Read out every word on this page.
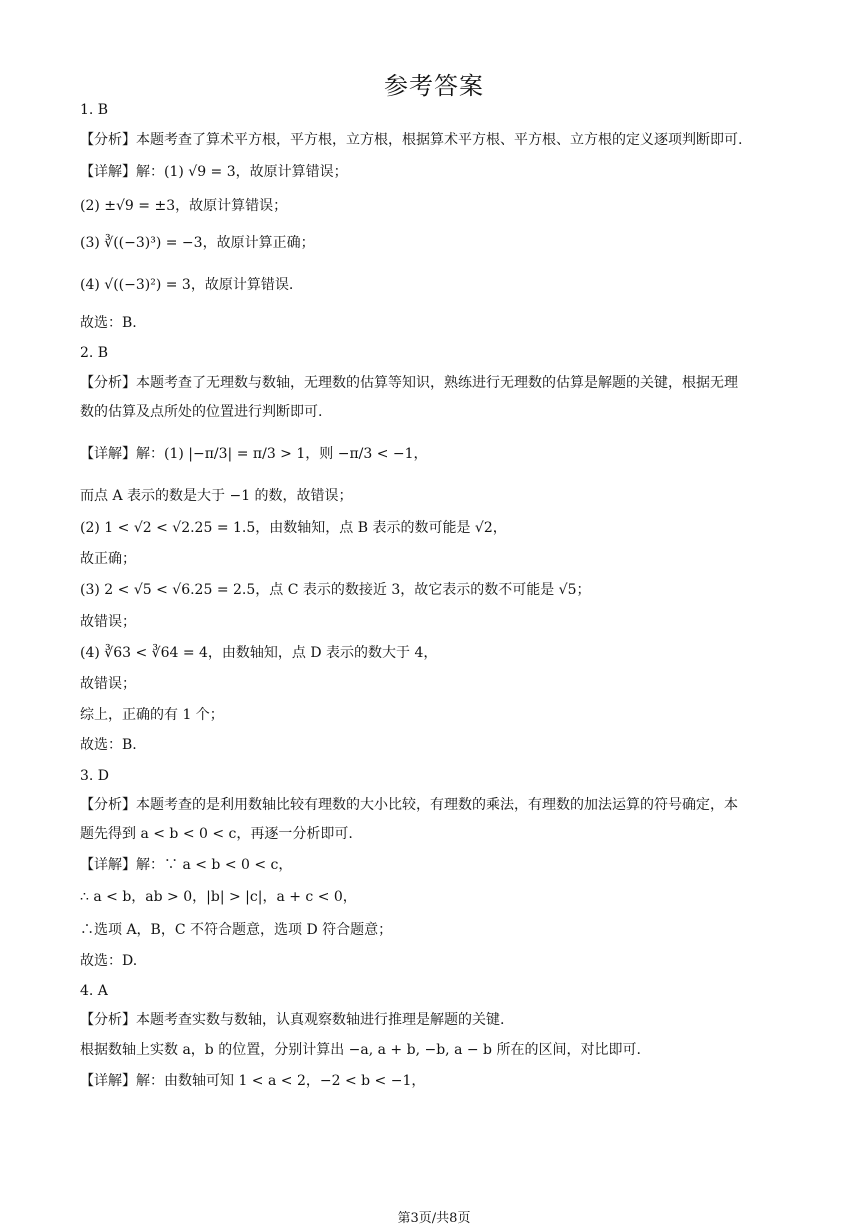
参考答案
1. B
【分析】本题考查了算术平方根，平方根，立方根，根据算术平方根、平方根、立方根的定义逐项判断即可.
【详解】解：(1) √9 = 3，故原计算错误；
(2) ±√9 = ±3，故原计算错误；
(3) ∛((−3)³) = −3，故原计算正确；
(4) √((−3)²) = 3，故原计算错误.
故选：B.
2. B
【分析】本题考查了无理数与数轴，无理数的估算等知识，熟练进行无理数的估算是解题的关键，根据无理
数的估算及点所处的位置进行判断即可.
【详解】解：(1) |−π/3| = π/3 > 1，则 −π/3 < −1，
而点 A 表示的数是大于 −1 的数，故错误；
(2) 1 < √2 < √2.25 = 1.5，由数轴知，点 B 表示的数可能是 √2，
故正确；
(3) 2 < √5 < √6.25 = 2.5，点 C 表示的数接近 3，故它表示的数不可能是 √5；
故错误；
(4) ∛63 < ∛64 = 4，由数轴知，点 D 表示的数大于 4，
故错误；
综上，正确的有 1 个；
故选：B.
3. D
【分析】本题考查的是利用数轴比较有理数的大小比较，有理数的乘法，有理数的加法运算的符号确定，本
题先得到 a < b < 0 < c，再逐一分析即可.
【详解】解：∵ a < b < 0 < c，
∴ a < b，ab > 0，|b| > |c|，a + c < 0，
∴选项 A，B，C 不符合题意，选项 D 符合题意；
故选：D.
4. A
【分析】本题考查实数与数轴，认真观察数轴进行推理是解题的关键.
根据数轴上实数 a，b 的位置，分别计算出 −a, a + b, −b, a − b 所在的区间，对比即可.
【详解】解：由数轴可知 1 < a < 2，−2 < b < −1，
第3页/共8页
